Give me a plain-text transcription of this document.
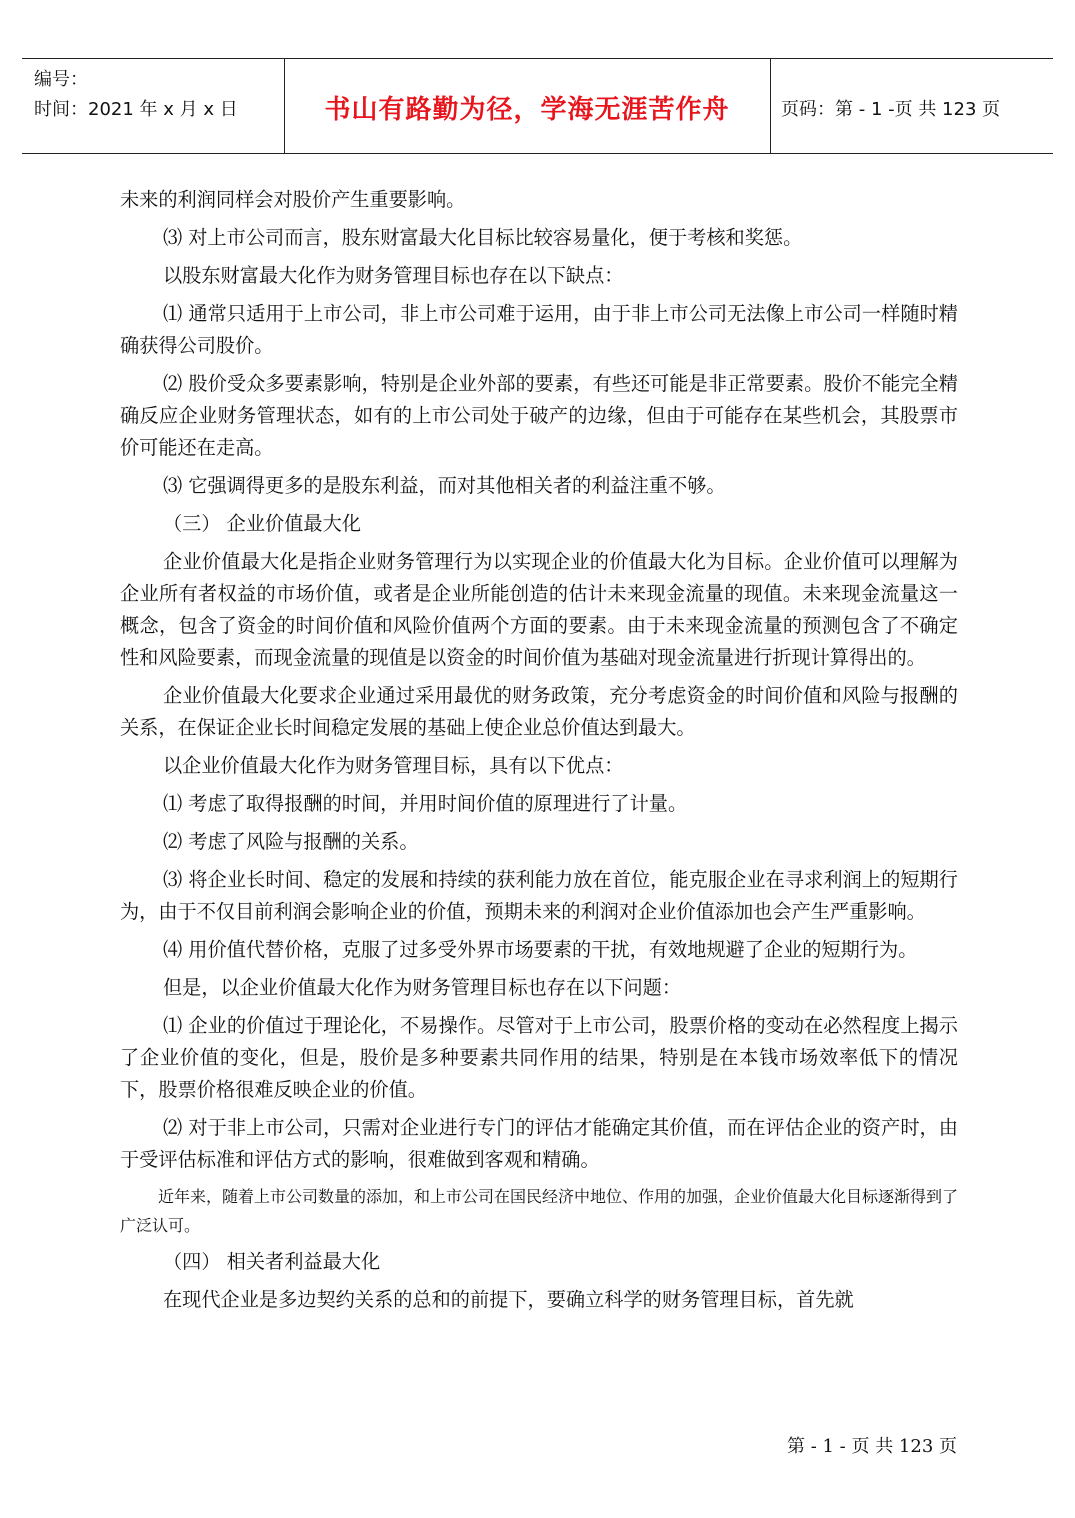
编号：
时间：2021 年 x 月 x 日	书山有路勤为径，学海无涯苦作舟	页码：第 - 1 -页 共 123 页

未来的利润同样会对股价产生重要影响。

⑶ 对上市公司而言，股东财富最大化目标比较容易量化，便于考核和奖惩。

以股东财富最大化作为财务管理目标也存在以下缺点：

⑴ 通常只适用于上市公司，非上市公司难于运用，由于非上市公司无法像上市公司一样随时精确获得公司股价。

⑵ 股价受众多要素影响，特别是企业外部的要素，有些还可能是非正常要素。股价不能完全精确反应企业财务管理状态，如有的上市公司处于破产的边缘，但由于可能存在某些机会，其股票市价可能还在走高。

⑶ 它强调得更多的是股东利益，而对其他相关者的利益注重不够。

（三） 企业价值最大化

企业价值最大化是指企业财务管理行为以实现企业的价值最大化为目标。企业价值可以理解为企业所有者权益的市场价值，或者是企业所能创造的估计未来现金流量的现值。未来现金流量这一概念，包含了资金的时间价值和风险价值两个方面的要素。由于未来现金流量的预测包含了不确定性和风险要素，而现金流量的现值是以资金的时间价值为基础对现金流量进行折现计算得出的。

企业价值最大化要求企业通过采用最优的财务政策，充分考虑资金的时间价值和风险与报酬的关系，在保证企业长时间稳定发展的基础上使企业总价值达到最大。

以企业价值最大化作为财务管理目标，具有以下优点：

⑴ 考虑了取得报酬的时间，并用时间价值的原理进行了计量。

⑵ 考虑了风险与报酬的关系。

⑶ 将企业长时间、稳定的发展和持续的获利能力放在首位，能克服企业在寻求利润上的短期行为，由于不仅目前利润会影响企业的价值，预期未来的利润对企业价值添加也会产生严重影响。

⑷ 用价值代替价格，克服了过多受外界市场要素的干扰，有效地规避了企业的短期行为。

但是，以企业价值最大化作为财务管理目标也存在以下问题：

⑴ 企业的价值过于理论化，不易操作。尽管对于上市公司，股票价格的变动在必然程度上揭示了企业价值的变化，但是，股价是多种要素共同作用的结果，特别是在本钱市场效率低下的情况下，股票价格很难反映企业的价值。

⑵ 对于非上市公司，只需对企业进行专门的评估才能确定其价值，而在评估企业的资产时，由于受评估标准和评估方式的影响，很难做到客观和精确。

近年来，随着上市公司数量的添加，和上市公司在国民经济中地位、作用的加强，企业价值最大化目标逐渐得到了广泛认可。

（四） 相关者利益最大化

在现代企业是多边契约关系的总和的前提下，要确立科学的财务管理目标，首先就

第 - 1 - 页 共 123 页
